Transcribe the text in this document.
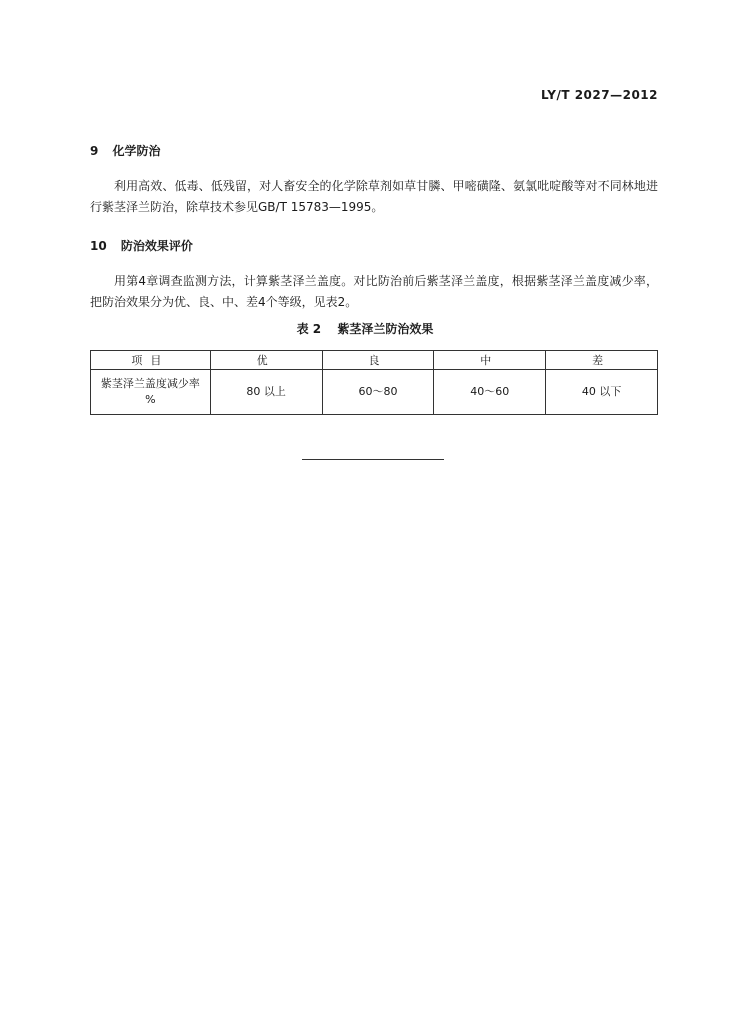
LY/T 2027—2012
9 化学防治

利用高效、低毒、低残留，对人畜安全的化学除草剂如草甘膦、甲嘧磺隆、氨氯吡啶酸等对不同林地进行紫茎泽兰防治，除草技术参见GB/T 15783—1995。

10 防治效果评价

用第4章调查监测方法，计算紫茎泽兰盖度。对比防治前后紫茎泽兰盖度，根据紫茎泽兰盖度减少率，把防治效果分为优、良、中、差4个等级，见表2。

表 2 紫茎泽兰防治效果
项目	优	良	中	差

紫茎泽兰盖度减少率
%	80 以上	60～80	40～60	40 以下
